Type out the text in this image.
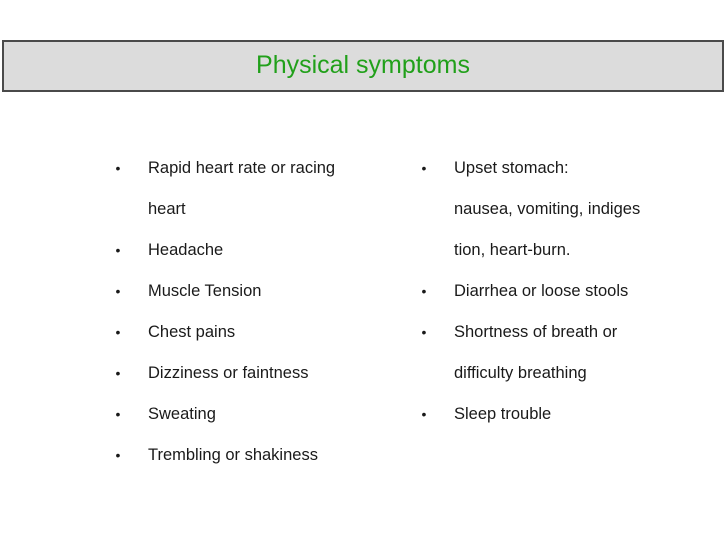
Physical symptoms
• Rapid heart rate or racing
heart
• Headache
• Muscle Tension
• Chest pains
• Dizziness or faintness
• Sweating
• Trembling or shakiness
• Upset stomach:
nausea, vomiting, indiges
tion, heart-burn.
• Diarrhea or loose stools
• Shortness of breath or
difficulty breathing
• Sleep trouble
